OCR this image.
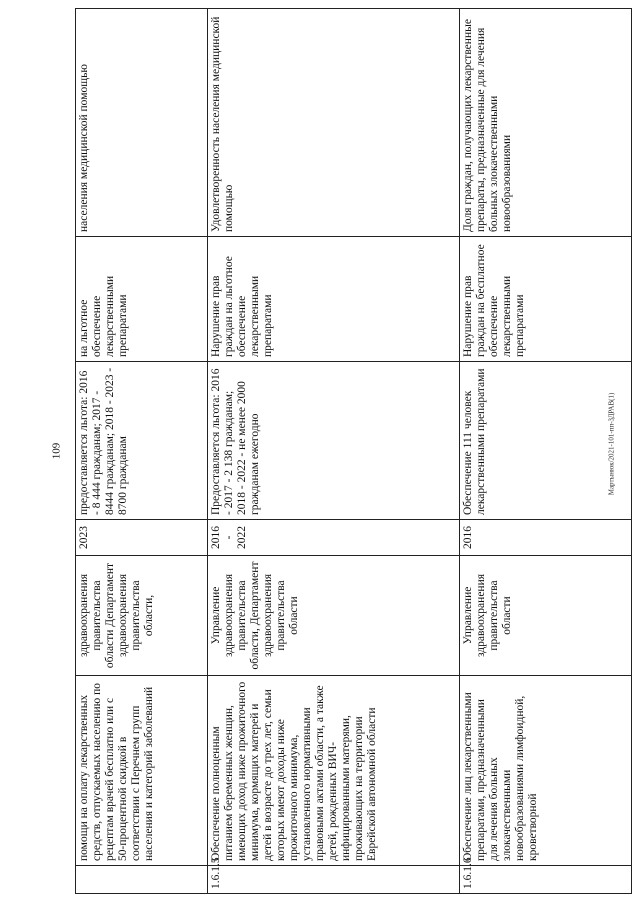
109
	помощи на оплату лекарственных средств, отпускаемых населению по рецептам врачей бесплатно или с 50-процентной скидкой в соответствии с Перечнем групп населения и категорий заболеваний	здравоохранения правительства области Департамент здравоохранения правительства области,	2023	предоставляется льгота: 2016 - 8 444 гражданам; 2017 - 8444 гражданам; 2018 - 2023 - 8700 гражданам	на льготное обеспечение лекарственными препаратами	населения медицинской помощью
1.6.1.5	Обеспечение полноценным питанием беременных женщин, имеющих доход ниже прожиточного минимума, кормящих матерей и детей в возрасте до трех лет, семьи которых имеют доходы ниже прожиточного минимума, установленного нормативными правовыми актами области, а также детей, рожденных ВИЧ-инфицированными матерями, проживающих на территории Еврейской автономной области	Управление здравоохранения правительства области, Департамент здравоохранения правительства области	2016 - 2022	Предоставляется льгота: 2016 - 2017 - 2 138 гражданам; 2018 - 2022 - не менее 2000 гражданам ежегодно	Нарушение прав граждан на льготное обеспечение лекарственными препаратами	Удовлетворенность населения медицинской помощью
1.6.1.6	Обеспечение лиц лекарственными препаратами, предназначенными для лечения больных злокачественными новообразованиями лимфоидной, кроветворной	Управление здравоохранения правительства области	2016	Обеспечение 111 человек лекарственными препаратами	Нарушение прав граждан на бесплатное обеспечение лекарственными препаратами	Доля граждан, получающих лекарственные препараты, предназначенные для лечения больных злокачественными новообразованиями
Мартынюк/2021-101-пп-ЗДРАВ(1)
